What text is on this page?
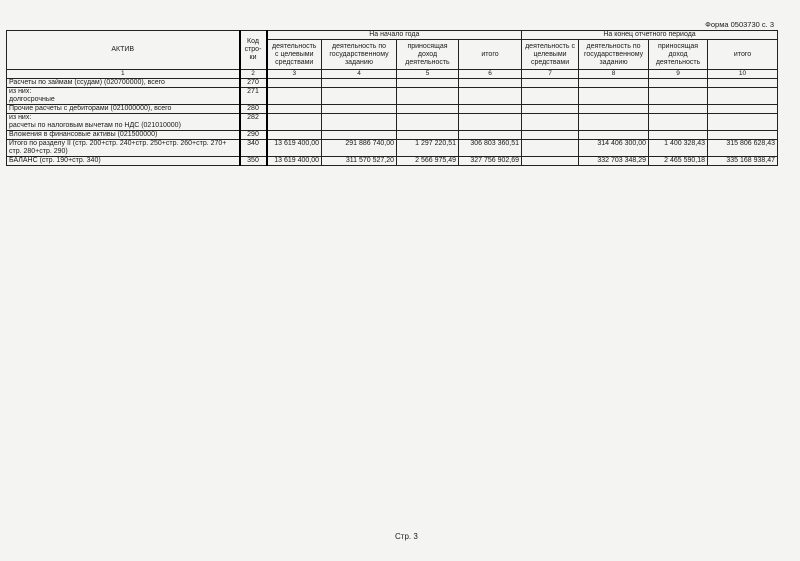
Форма 0503730 с. 3
АКТИВ	Код стро-ки	На начало года				На конец отчетного периода			
		деятельность с целевыми средствами	деятельность по государственному заданию	приносящая доход деятельность	итого	деятельность с целевыми средствами	деятельность по государственному заданию	приносящая доход деятельность	итого
1	2	3	4	5	6	7	8	9	10
Расчеты по займам (ссудам) (020700000), всего	270								
из них:
долгосрочные	271								
Прочие расчеты с дебиторами (021000000), всего	280								
из них:
расчеты по налоговым вычетам по НДС (021010000)	282								
Вложения в финансовые активы (021500000)	290								
Итого по разделу II (стр. 200+стр. 240+стр. 250+стр. 260+стр. 270+
стр. 280+стр. 290)	340	13 619 400,00	291 886 740,00	1 297 220,51	306 803 360,51		314 406 300,00	1 400 328,43	315 806 628,43
БАЛАНС (стр. 190+стр. 340)	350	13 619 400,00	311 570 527,20	2 566 975,49	327 756 902,69		332 703 348,29	2 465 590,18	335 168 938,47
Стр. 3
